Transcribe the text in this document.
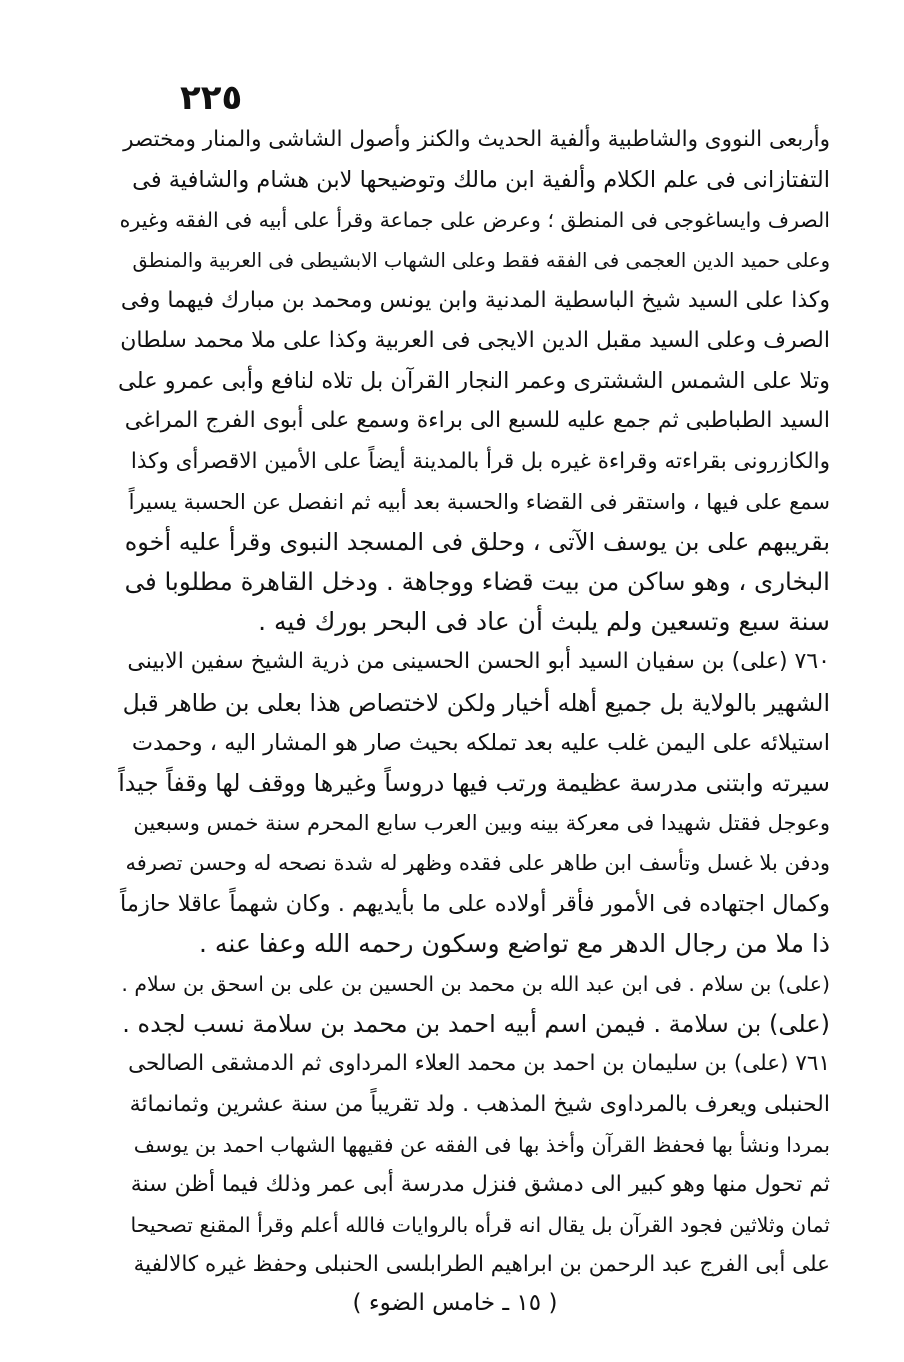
٢٢٥
وأربعى النووى والشاطبية وألفية الحديث والكنز وأصول الشاشى والمنار ومختصر
التفتازانى فى علم الكلام وألفية ابن مالك وتوضيحها لابن هشام والشافية فى
الصرف وايساغوجى فى المنطق ؛ وعرض على جماعة وقرأ على أبيه فى الفقه وغيره
وعلى حميد الدين العجمى فى الفقه فقط وعلى الشهاب الابشيطى فى العربية والمنطق
وكذا على السيد شيخ الباسطية المدنية وابن يونس ومحمد بن مبارك فيهما وفى
الصرف وعلى السيد مقبل الدين الايجى فى العربية وكذا على ملا محمد سلطان
وتلا على الشمس الششترى وعمر النجار القرآن بل تلاه لنافع وأبى عمرو على
السيد الطباطبى ثم جمع عليه للسبع الى براءة وسمع على أبوى الفرج المراغى
والكازرونى بقراءته وقراءة غيره بل قرأ بالمدينة أيضاً على الأمين الاقصرأى وكذا
سمع على فيها ، واستقر فى القضاء والحسبة بعد أبيه ثم انفصل عن الحسبة يسيراً
بقريبهم على بن يوسف الآتى ، وحلق فى المسجد النبوى وقرأ عليه أخوه
البخارى ، وهو ساكن من بيت قضاء ووجاهة . ودخل القاهرة مطلوبا فى
سنة سبع وتسعين ولم يلبث أن عاد فى البحر بورك فيه .
٧٦٠ (على) بن سفيان السيد أبو الحسن الحسينى من ذرية الشيخ سفين الابينى
الشهير بالولاية بل جميع أهله أخيار ولكن لاختصاص هذا بعلى بن طاهر قبل
استيلائه على اليمن غلب عليه بعد تملكه بحيث صار هو المشار اليه ، وحمدت
سيرته وابتنى مدرسة عظيمة ورتب فيها دروساً وغيرها ووقف لها وقفاً جيداً
وعوجل فقتل شهيدا فى معركة بينه وبين العرب سابع المحرم سنة خمس وسبعين
ودفن بلا غسل وتأسف ابن طاهر على فقده وظهر له شدة نصحه له وحسن تصرفه
وكمال اجتهاده فى الأمور فأقر أولاده على ما بأيديهم . وكان شهماً عاقلا حازماً
ذا ملا من رجال الدهر مع تواضع وسكون رحمه الله وعفا عنه .
(على) بن سلام . فى ابن عبد الله بن محمد بن الحسين بن على بن اسحق بن سلام .
(على) بن سلامة . فيمن اسم أبيه احمد بن محمد بن سلامة نسب لجده .
٧٦١ (على) بن سليمان بن احمد بن محمد العلاء المرداوى ثم الدمشقى الصالحى
الحنبلى ويعرف بالمرداوى شيخ المذهب . ولد تقريباً من سنة عشرين وثمانمائة
بمردا ونشأ بها فحفظ القرآن وأخذ بها فى الفقه عن فقيهها الشهاب احمد بن يوسف
ثم تحول منها وهو كبير الى دمشق فنزل مدرسة أبى عمر وذلك فيما أظن سنة
ثمان وثلاثين فجود القرآن بل يقال انه قرأه بالروايات فالله أعلم وقرأ المقنع تصحيحا
على أبى الفرج عبد الرحمن بن ابراهيم الطرابلسى الحنبلى وحفظ غيره كالالفية
( ١٥ ـ خامس الضوء )
